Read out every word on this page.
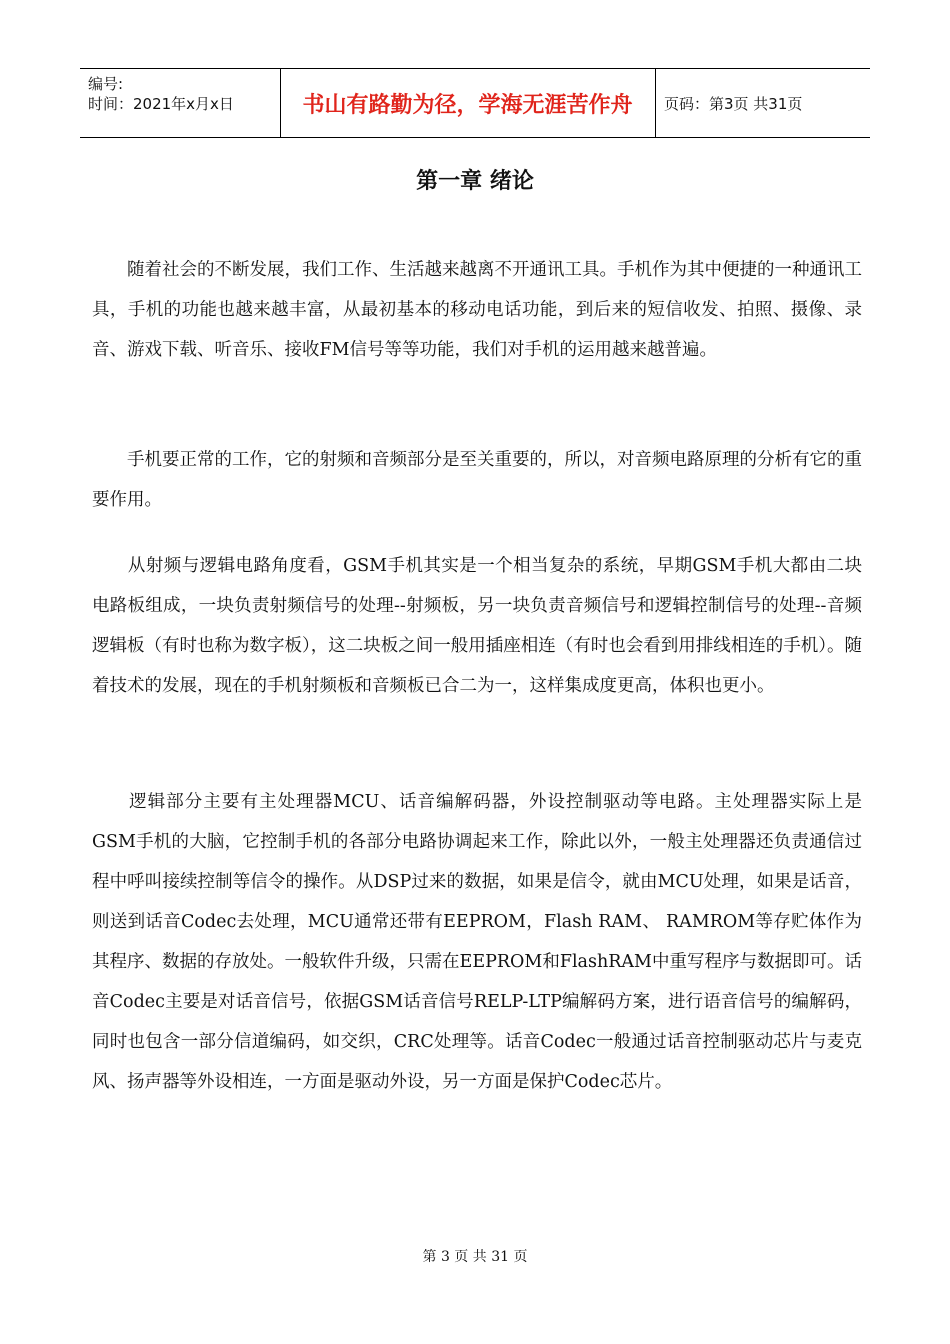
编号:
时间：2021年x月x日	书山有路勤为径，学海无涯苦作舟	页码：第3页 共31页
第一章 绪论

　　随着社会的不断发展，我们工作、生活越来越离不开通讯工具。手机作为其中便捷的一种通讯工具，手机的功能也越来越丰富，从最初基本的移动电话功能，到后来的短信收发、拍照、摄像、录音、游戏下载、听音乐、接收FM信号等等功能，我们对手机的运用越来越普遍。

　　手机要正常的工作，它的射频和音频部分是至关重要的，所以，对音频电路原理的分析有它的重要作用。

　　从射频与逻辑电路角度看，GSM手机其实是一个相当复杂的系统，早期GSM手机大都由二块电路板组成，一块负责射频信号的处理--射频板，另一块负责音频信号和逻辑控制信号的处理--音频逻辑板（有时也称为数字板），这二块板之间一般用插座相连（有时也会看到用排线相连的手机）。随着技术的发展，现在的手机射频板和音频板已合二为一，这样集成度更高，体积也更小。

　　逻辑部分主要有主处理器MCU、话音编解码器，外设控制驱动等电路。主处理器实际上是GSM手机的大脑，它控制手机的各部分电路协调起来工作，除此以外，一般主处理器还负责通信过程中呼叫接续控制等信令的操作。从DSP过来的数据，如果是信令，就由MCU处理，如果是话音，则送到话音Codec去处理，MCU通常还带有EEPROM，Flash RAM、 RAMROM等存贮体作为其程序、数据的存放处。一般软件升级，只需在EEPROM和FlashRAM中重写程序与数据即可。话音Codec主要是对话音信号，依据GSM话音信号RELP-LTP编解码方案，进行语音信号的编解码，同时也包含一部分信道编码，如交织，CRC处理等。话音Codec一般通过话音控制驱动芯片与麦克风、扬声器等外设相连，一方面是驱动外设，另一方面是保护Codec芯片。

第 3 页 共 31 页
